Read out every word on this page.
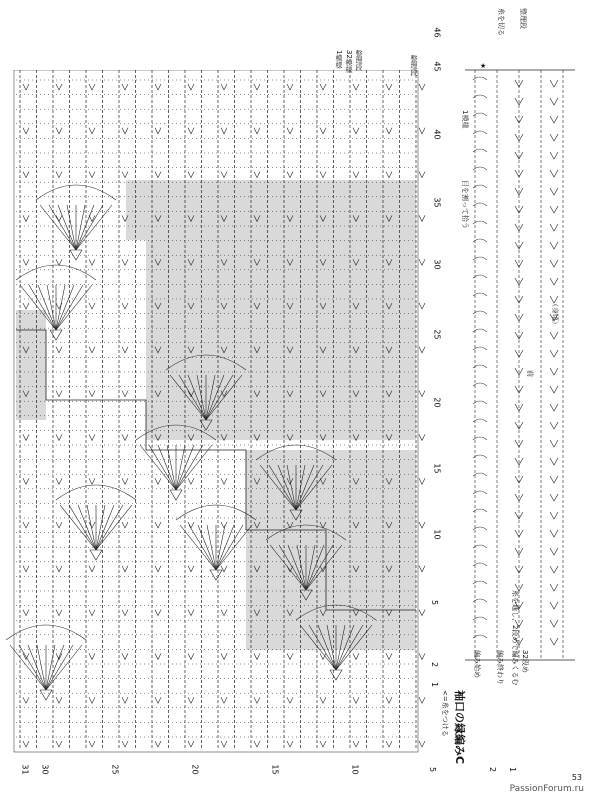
整理段
32模様
1模様	整理段
46
45
40
35
30
25
20
15
10
5
2
1
31 30	25	20	15	10	5	2 1
整理段
糸を切る
★
1模様
目を割って拾う
（身頃）
前
糸を通し、2段めで編みくるむ 32段め
編み終わり
編み始め
袖口の縁編みC
<=糸をつける
53
PassionForum.ru
